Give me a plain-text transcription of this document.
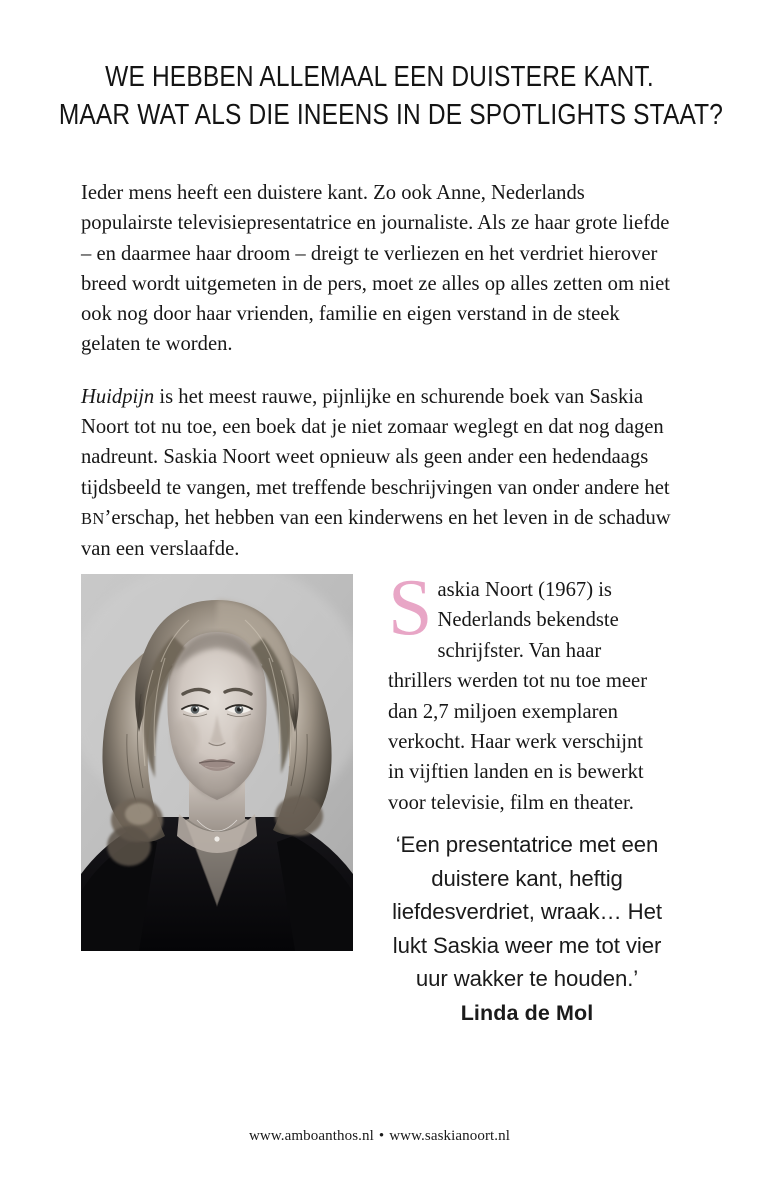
WE HEBBEN ALLEMAAL EEN DUISTERE KANT.
MAAR WAT ALS DIE INEENS IN DE SPOTLIGHTS STAAT?

Ieder mens heeft een duistere kant. Zo ook Anne, Nederlands populairste televisiepresentatrice en journaliste. Als ze haar grote liefde – en daarmee haar droom – dreigt te verliezen en het verdriet hierover breed wordt uitgemeten in de pers, moet ze alles op alles zetten om niet ook nog door haar vrienden, familie en eigen verstand in de steek gelaten te worden.

Huidpijn is het meest rauwe, pijnlijke en schurende boek van Saskia Noort tot nu toe, een boek dat je niet zomaar weglegt en dat nog dagen nadreunt. Saskia Noort weet opnieuw als geen ander een hedendaags tijdsbeeld te vangen, met treffende beschrijvingen van onder andere het BN’erschap, het hebben van een kinderwens en het leven in de schaduw van een verslaafde.

Saskia Noort (1967) is Nederlands bekendste schrijfster. Van haar thrillers werden tot nu toe meer dan 2,7 miljoen exemplaren verkocht. Haar werk verschijnt in vijftien landen en is bewerkt voor televisie, film en theater.

‘Een presentatrice met een duistere kant, heftig liefdesverdriet, wraak… Het lukt Saskia weer me tot vier uur wakker te houden.’
Linda de Mol
www.amboanthos.nl • www.saskianoort.nl
